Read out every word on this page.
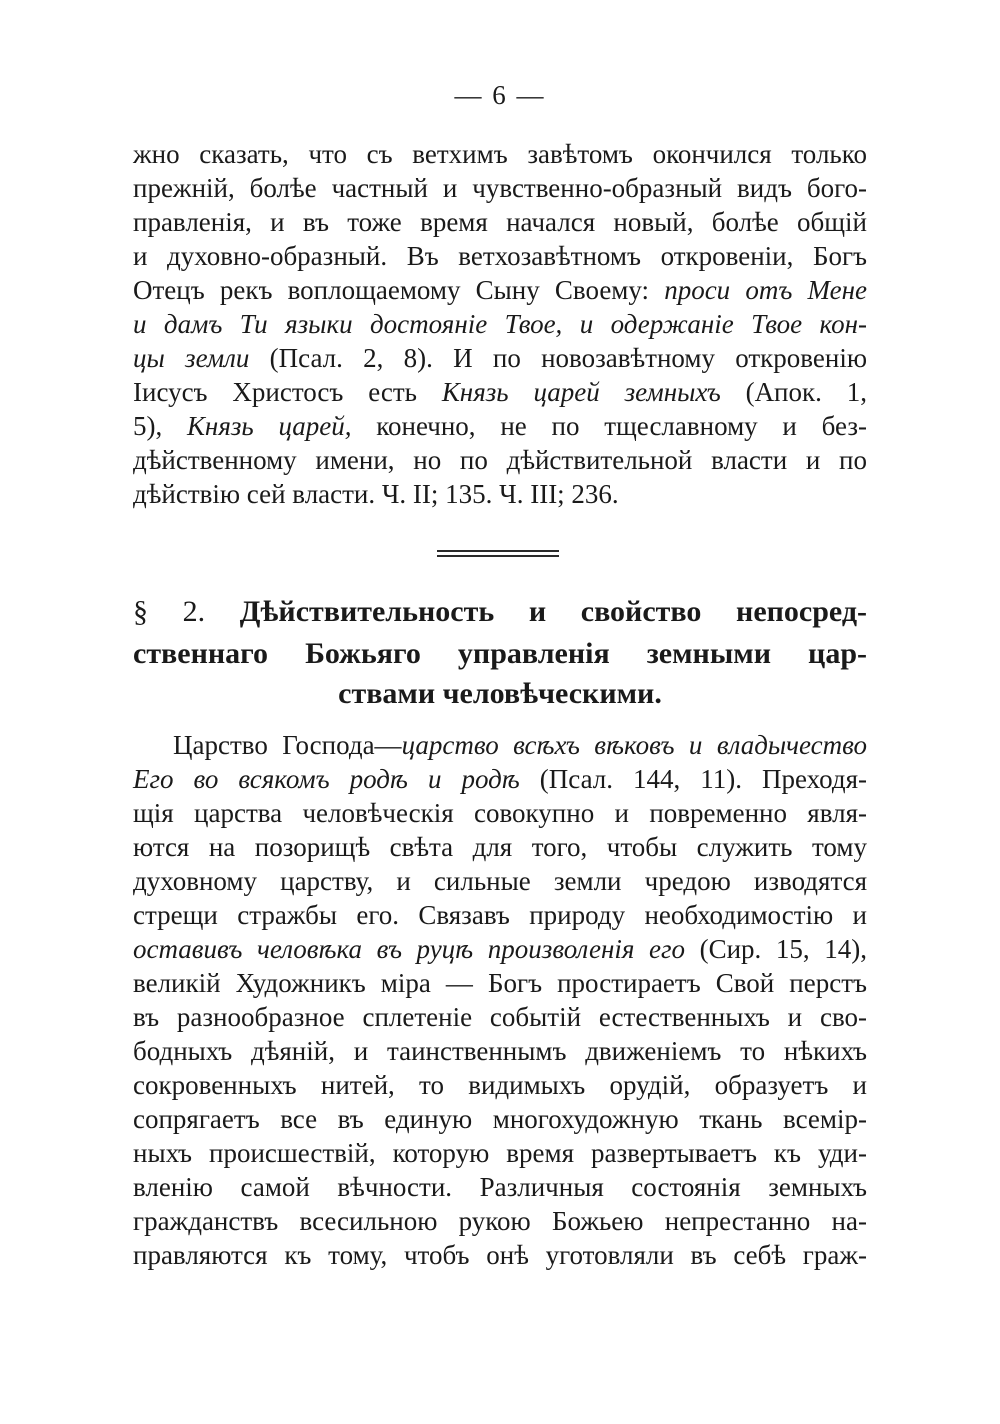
— 6 —
жно сказать, что съ ветхимъ завѣтомъ окончился только
прежній, болѣе частный и чувственно-образный видъ бого-
правленія, и въ тоже время начался новый, болѣе общій
и духовно-образный. Въ ветхозавѣтномъ откровеніи, Богъ
Отецъ рекъ воплощаемому Сыну Своему: проси отъ Мене
и дамъ Ти языки достояніе Твое, и одержаніе Твое кон-
цы земли (Псал. 2, 8). И по новозавѣтному откровенію
Іисусъ Христосъ есть Князь царей земныхъ (Апок. 1,
5), Князь царей, конечно, не по тщеславному и без-
дѣйственному имени, но по дѣйствительной власти и по
дѣйствію сей власти. Ч. II; 135. Ч. III; 236.
§ 2. Дѣйствительность и свойство непосред-
ственнаго Божьяго управленія земными цар-
ствами человѣческими.
Царство Господа—царство всѣхъ вѣковъ и владычество
Его во всякомъ родѣ и родѣ (Псал. 144, 11). Преходя-
щія царства человѣческія совокупно и повременно явля-
ются на позорищѣ свѣта для того, чтобы служить тому
духовному царству, и сильные земли чредою изводятся
стрещи стражбы его. Связавъ природу необходимостію и
оставивъ человѣка въ руцѣ произволенія его (Сир. 15, 14),
великій Художникъ міра — Богъ простираетъ Свой перстъ
въ разнообразное сплетеніе событій естественныхъ и сво-
бодныхъ дѣяній, и таинственнымъ движеніемъ то нѣкихъ
сокровенныхъ нитей, то видимыхъ орудій, образуетъ и
сопрягаетъ все въ единую многохудожную ткань всемір-
ныхъ происшествій, которую время развертываетъ къ уди-
вленію самой вѣчности. Различныя состоянія земныхъ
гражданствъ всесильною рукою Божьею непрестанно на-
правляются къ тому, чтобъ онѣ уготовляли въ себѣ граж-
